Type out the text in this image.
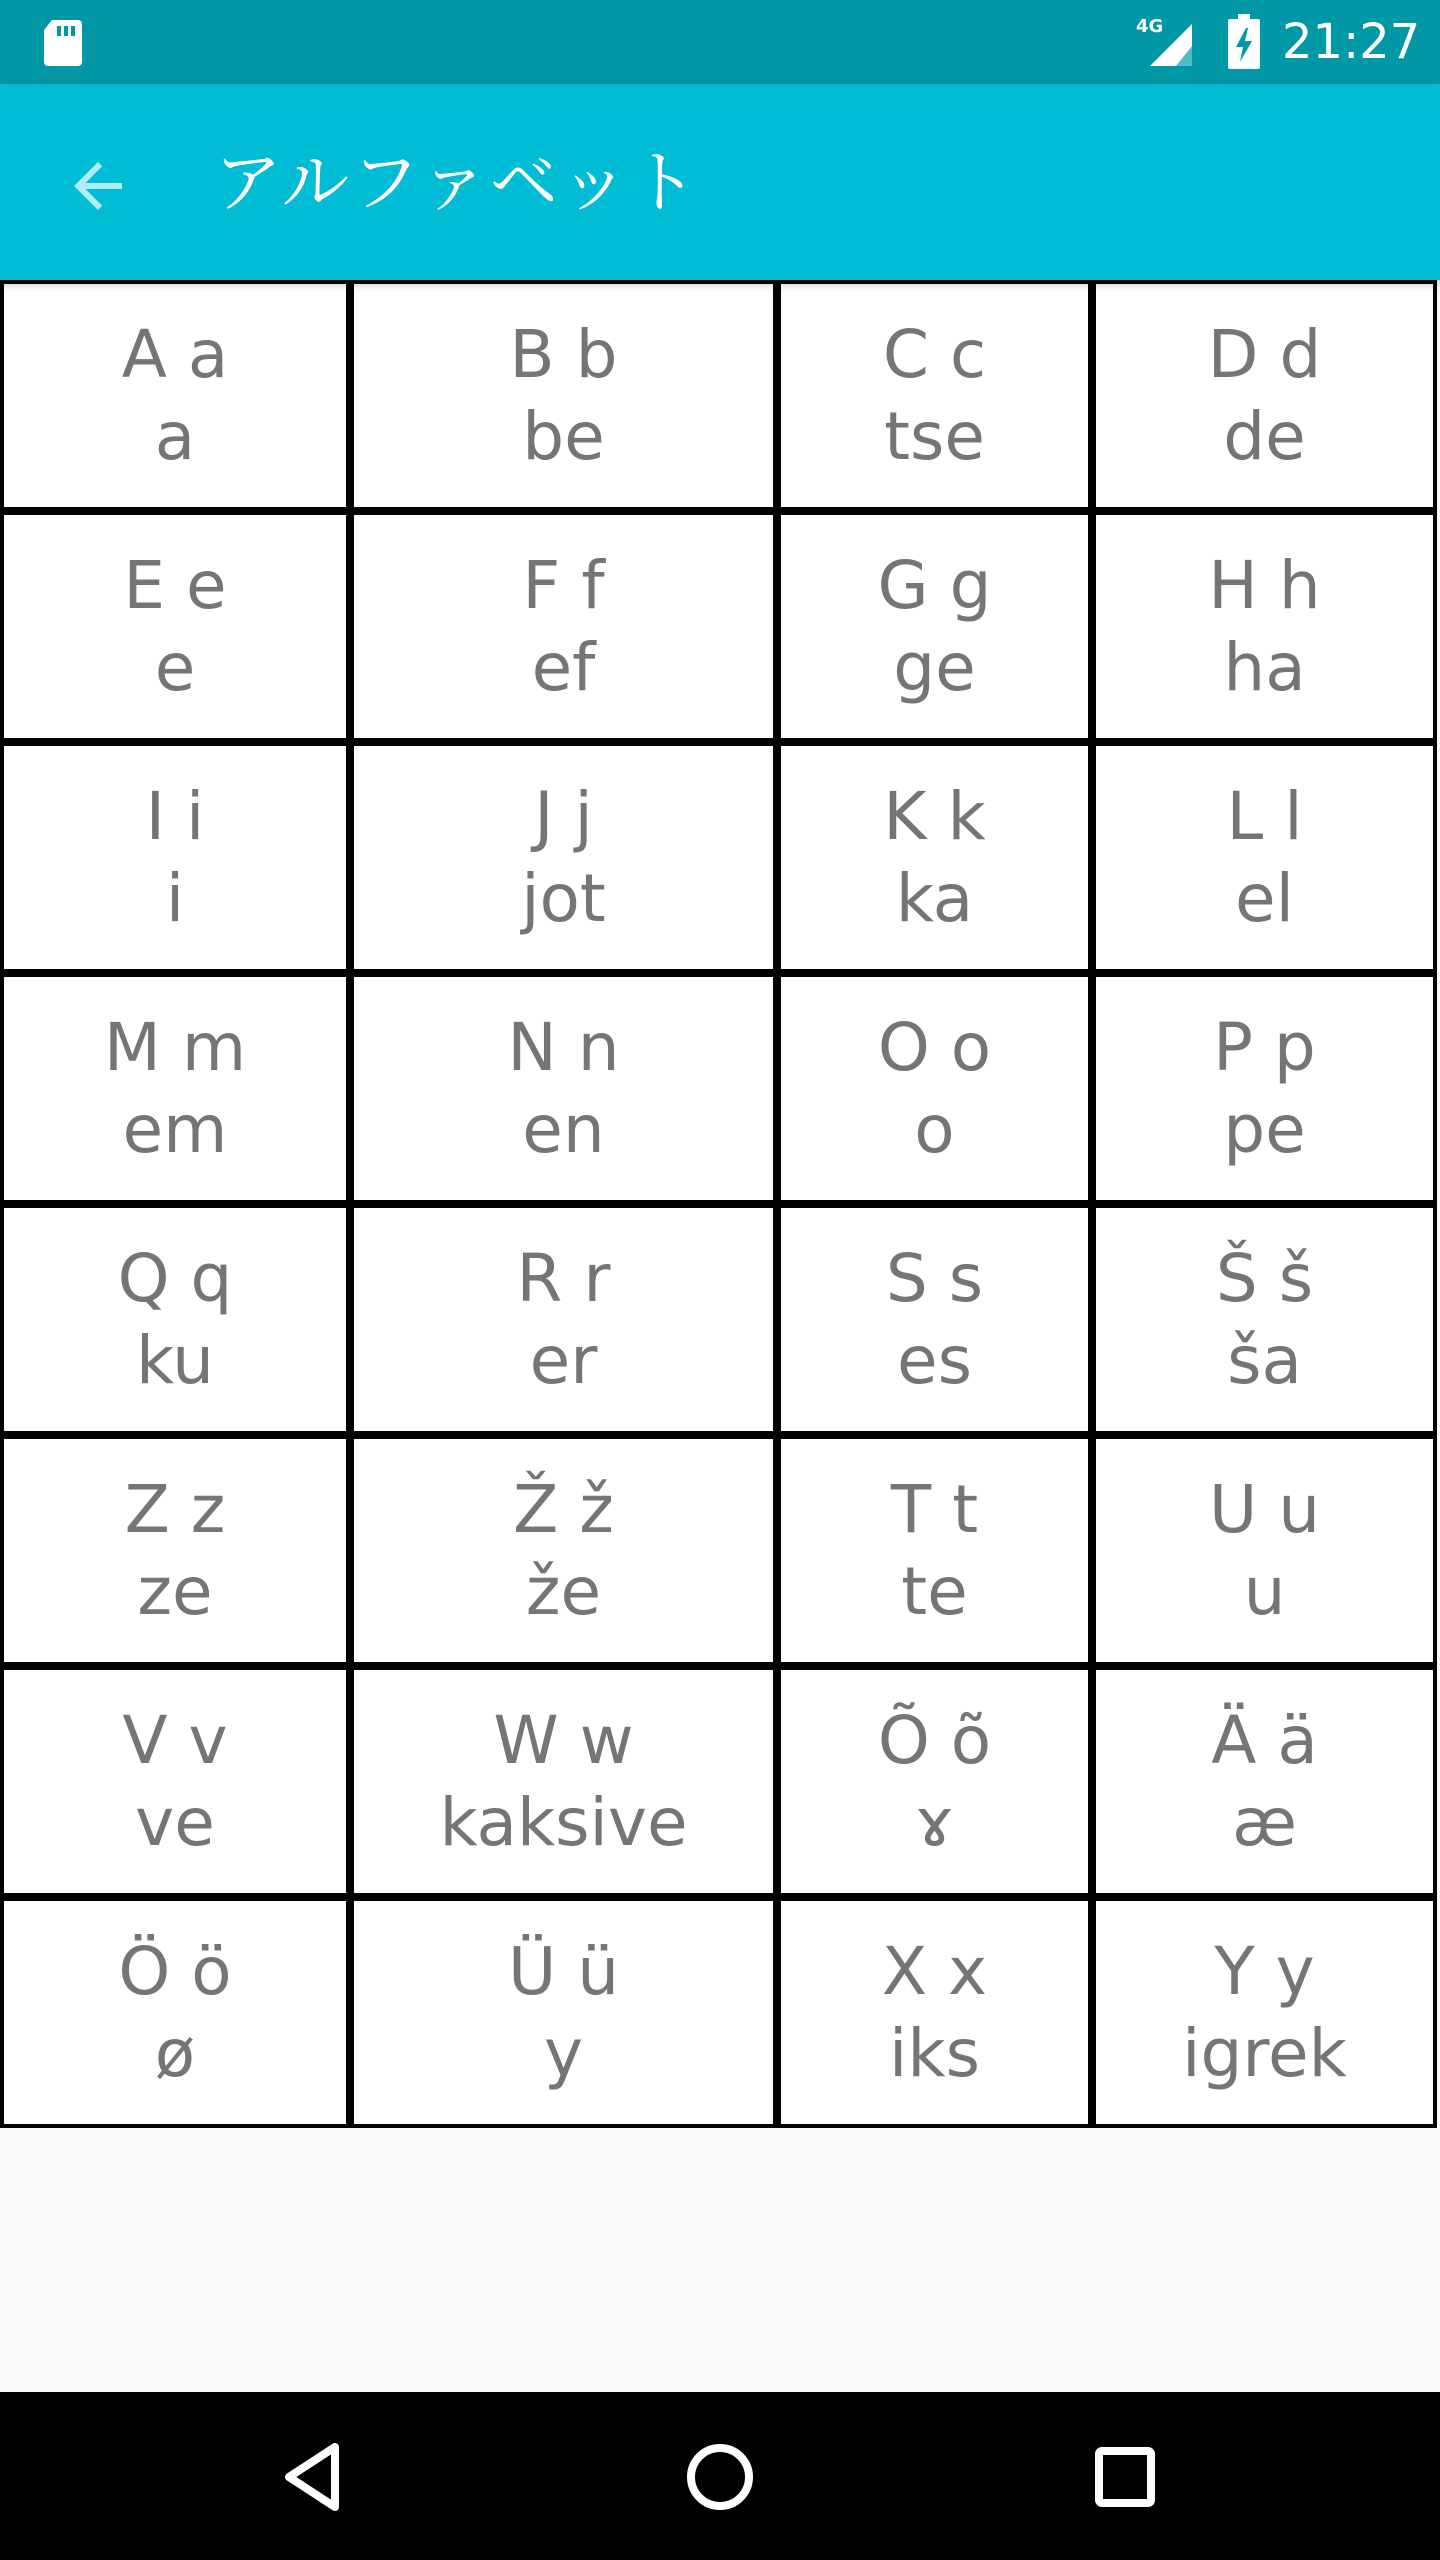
4G 21:27
アルファベット
A a
a
B b
be
C c
tse
D d
de
E e
e
F f
ef
G g
ge
H h
ha
I i
i
J j
jot
K k
ka
L l
el
M m
em
N n
en
O o
o
P p
pe
Q q
ku
R r
er
S s
es
Š š
ša
Z z
ze
Ž ž
že
T t
te
U u
u
V v
ve
W w
kaksive
Õ õ
ɤ
Ä ä
æ
Ö ö
ø
Ü ü
y
X x
iks
Y y
igrek
